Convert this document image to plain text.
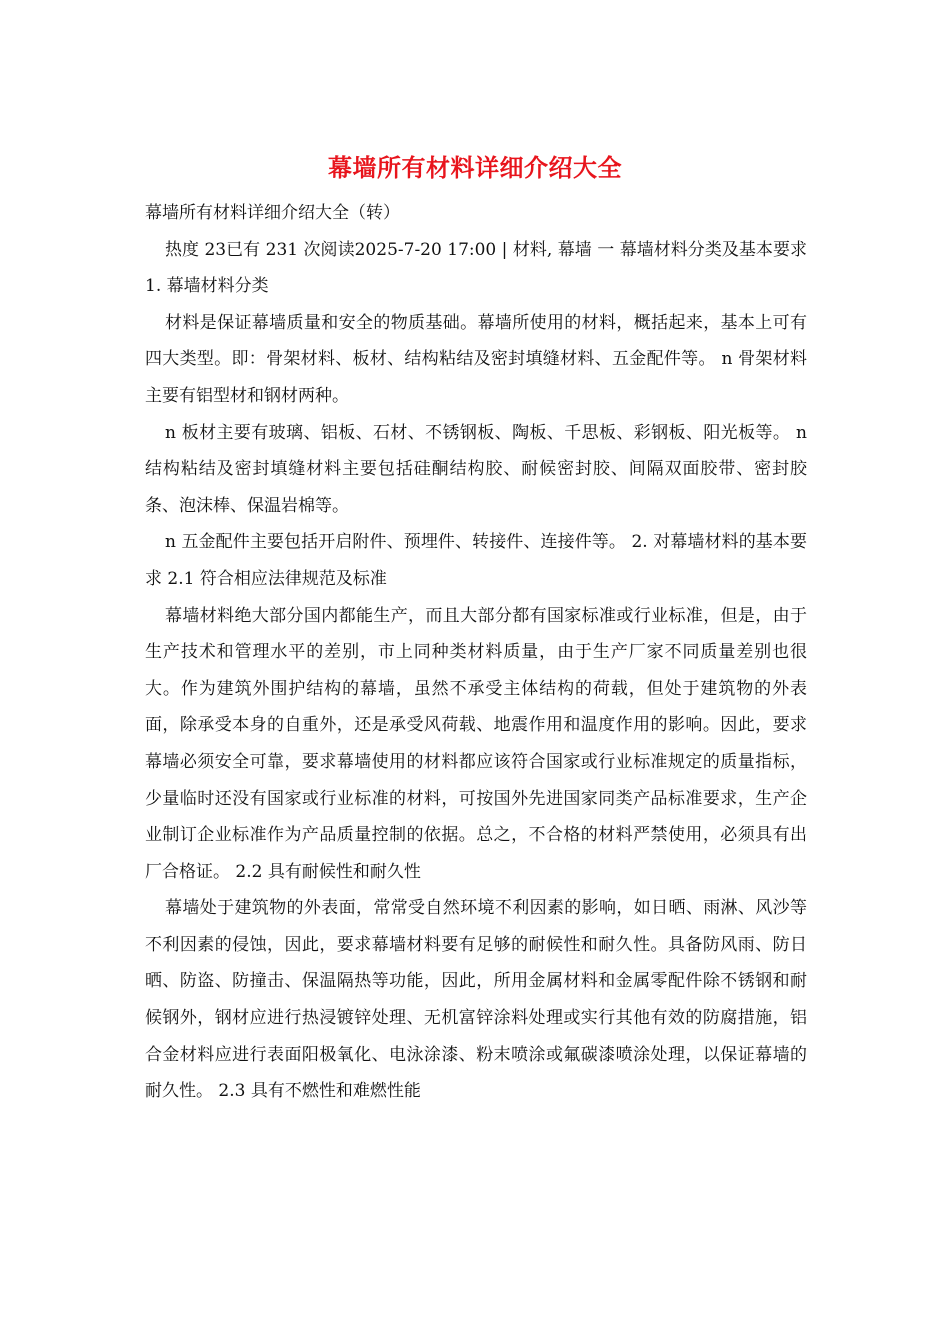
幕墙所有材料详细介绍大全

幕墙所有材料详细介绍大全（转）

热度 23已有 231 次阅读2025-7-20 17:00 | 材料, 幕墙 一 幕墙材料分类及基本要求 1. 幕墙材料分类

材料是保证幕墙质量和安全的物质基础。幕墙所使用的材料，概括起来，基本上可有四大类型。即：骨架材料、板材、结构粘结及密封填缝材料、五金配件等。 n 骨架材料主要有铝型材和钢材两种。

n 板材主要有玻璃、铝板、石材、不锈钢板、陶板、千思板、彩钢板、阳光板等。 n 结构粘结及密封填缝材料主要包括硅酮结构胶、耐候密封胶、间隔双面胶带、密封胶条、泡沫棒、保温岩棉等。

n 五金配件主要包括开启附件、预埋件、转接件、连接件等。 2. 对幕墙材料的基本要求 2.1 符合相应法律规范及标准

幕墙材料绝大部分国内都能生产，而且大部分都有国家标准或行业标准，但是，由于生产技术和管理水平的差别，市上同种类材料质量，由于生产厂家不同质量差别也很大。作为建筑外围护结构的幕墙，虽然不承受主体结构的荷载，但处于建筑物的外表面，除承受本身的自重外，还是承受风荷载、地震作用和温度作用的影响。因此，要求幕墙必须安全可靠，要求幕墙使用的材料都应该符合国家或行业标准规定的质量指标，少量临时还没有国家或行业标准的材料，可按国外先进国家同类产品标准要求，生产企业制订企业标准作为产品质量控制的依据。总之，不合格的材料严禁使用，必须具有出厂合格证。 2.2 具有耐候性和耐久性

幕墙处于建筑物的外表面，常常受自然环境不利因素的影响，如日晒、雨淋、风沙等不利因素的侵蚀，因此，要求幕墙材料要有足够的耐候性和耐久性。具备防风雨、防日晒、防盗、防撞击、保温隔热等功能，因此，所用金属材料和金属零配件除不锈钢和耐候钢外，钢材应进行热浸镀锌处理、无机富锌涂料处理或实行其他有效的防腐措施，铝合金材料应进行表面阳极氧化、电泳涂漆、粉末喷涂或氟碳漆喷涂处理，以保证幕墙的耐久性。 2.3 具有不燃性和难燃性能
